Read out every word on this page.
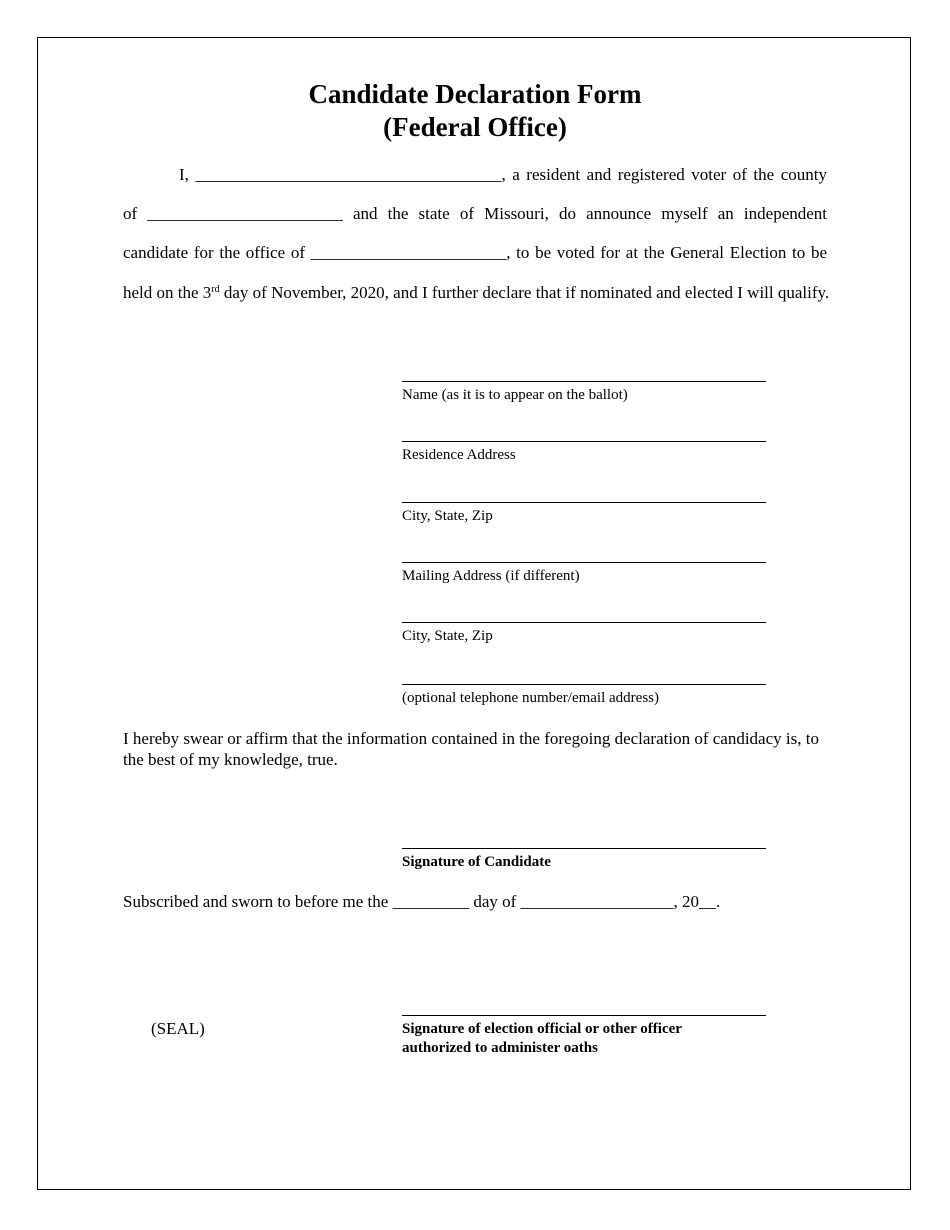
Candidate Declaration Form
(Federal Office)
I, ____________________________________, a resident and registered voter of the county
of _______________________ and the state of Missouri, do announce myself an independent
candidate for the office of _______________________, to be voted for at the General Election to be
held on the 3rd day of November, 2020, and I further declare that if nominated and elected I will qualify.
Name (as it is to appear on the ballot)
Residence Address
City, State, Zip
Mailing Address (if different)
City, State, Zip
(optional telephone number/email address)
I hereby swear or affirm that the information contained in the foregoing declaration of candidacy is, to the best of my knowledge, true.
Signature of Candidate
Subscribed and sworn to before me the _________ day of __________________, 20__.
(SEAL)	Signature of election official or other officer
authorized to administer oaths
